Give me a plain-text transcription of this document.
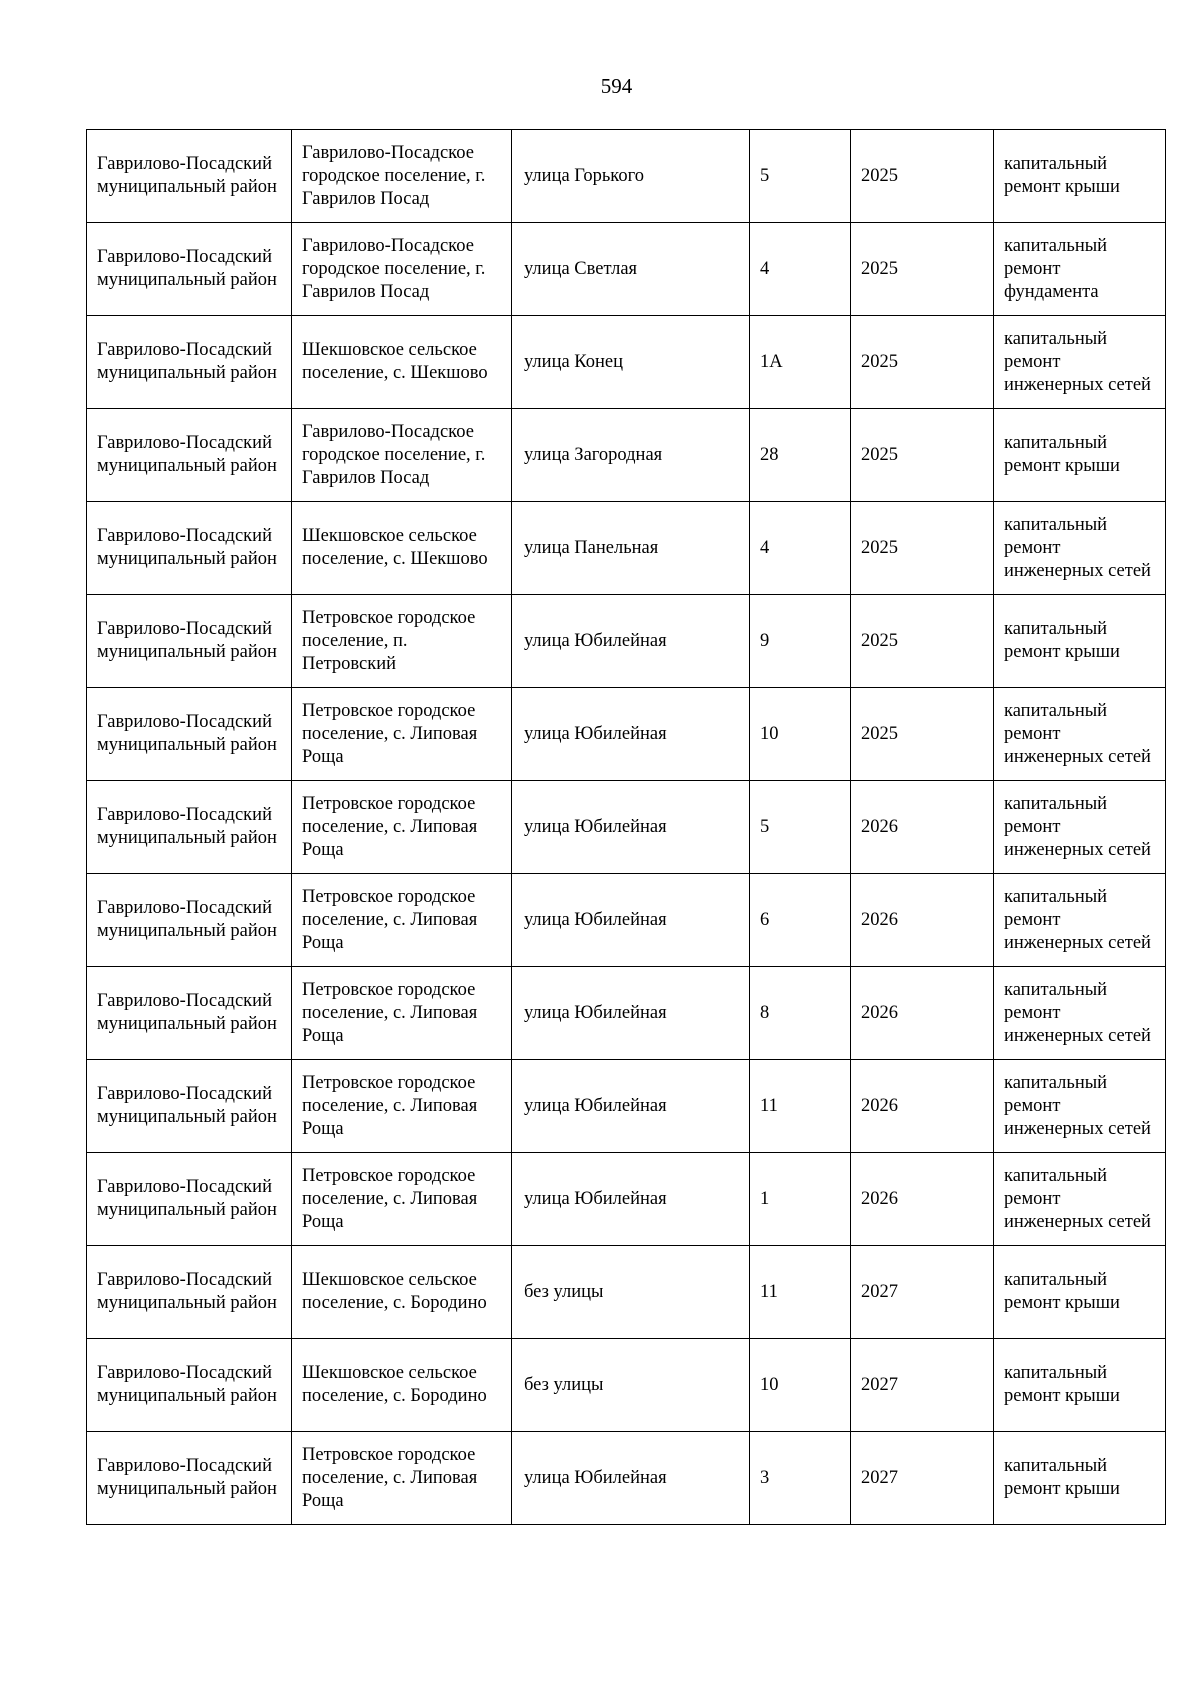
594
Гаврилово-Посадский муниципальный район	Гаврилово-Посадское городское поселение, г. Гаврилов Посад	улица Горького	5	2025	капитальный ремонт крыши
Гаврилово-Посадский муниципальный район	Гаврилово-Посадское городское поселение, г. Гаврилов Посад	улица Светлая	4	2025	капитальный ремонт фундамента
Гаврилово-Посадский муниципальный район	Шекшовское сельское поселение, с. Шекшово	улица Конец	1А	2025	капитальный ремонт инженерных сетей
Гаврилово-Посадский муниципальный район	Гаврилово-Посадское городское поселение, г. Гаврилов Посад	улица Загородная	28	2025	капитальный ремонт крыши
Гаврилово-Посадский муниципальный район	Шекшовское сельское поселение, с. Шекшово	улица Панельная	4	2025	капитальный ремонт инженерных сетей
Гаврилово-Посадский муниципальный район	Петровское городское поселение, п. Петровский	улица Юбилейная	9	2025	капитальный ремонт крыши
Гаврилово-Посадский муниципальный район	Петровское городское поселение, с. Липовая Роща	улица Юбилейная	10	2025	капитальный ремонт инженерных сетей
Гаврилово-Посадский муниципальный район	Петровское городское поселение, с. Липовая Роща	улица Юбилейная	5	2026	капитальный ремонт инженерных сетей
Гаврилово-Посадский муниципальный район	Петровское городское поселение, с. Липовая Роща	улица Юбилейная	6	2026	капитальный ремонт инженерных сетей
Гаврилово-Посадский муниципальный район	Петровское городское поселение, с. Липовая Роща	улица Юбилейная	8	2026	капитальный ремонт инженерных сетей
Гаврилово-Посадский муниципальный район	Петровское городское поселение, с. Липовая Роща	улица Юбилейная	11	2026	капитальный ремонт инженерных сетей
Гаврилово-Посадский муниципальный район	Петровское городское поселение, с. Липовая Роща	улица Юбилейная	1	2026	капитальный ремонт инженерных сетей
Гаврилово-Посадский муниципальный район	Шекшовское сельское поселение, с. Бородино	без улицы	11	2027	капитальный ремонт крыши
Гаврилово-Посадский муниципальный район	Шекшовское сельское поселение, с. Бородино	без улицы	10	2027	капитальный ремонт крыши
Гаврилово-Посадский муниципальный район	Петровское городское поселение, с. Липовая Роща	улица Юбилейная	3	2027	капитальный ремонт крыши
